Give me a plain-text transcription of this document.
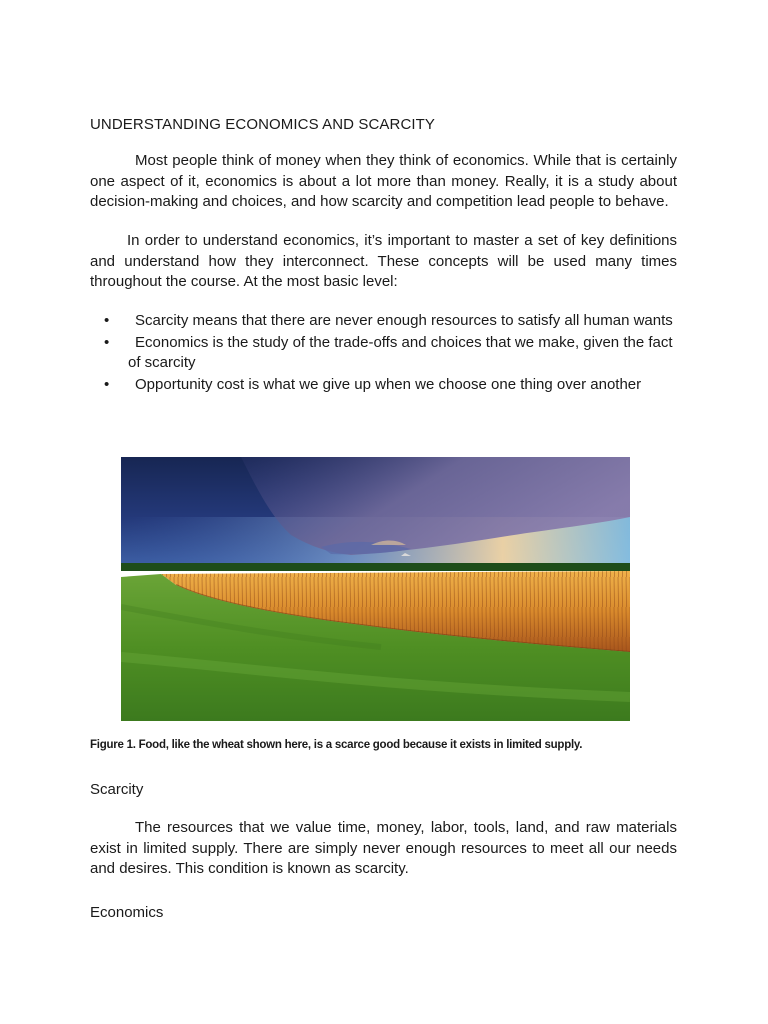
UNDERSTANDING ECONOMICS AND SCARCITY

Most people think of money when they think of economics. While that is certainly one aspect of it, economics is about a lot more than money. Really, it is a study about decision-making and choices, and how scarcity and competition lead people to behave.

In order to understand economics, it’s important to master a set of key definitions and understand how they interconnect. These concepts will be used many times throughout the course. At the most basic level:

•	Scarcity means that there are never enough resources to satisfy all human wants
•	Economics is the study of the trade-offs and choices that we make, given the fact of scarcity
•	Opportunity cost is what we give up when we choose one thing over another

Figure 1. Food, like the wheat shown here, is a scarce good because it exists in limited supply.

Scarcity

The resources that we value time, money, labor, tools, land, and raw materials exist in limited supply. There are simply never enough resources to meet all our needs and desires. This condition is known as scarcity.

Economics
